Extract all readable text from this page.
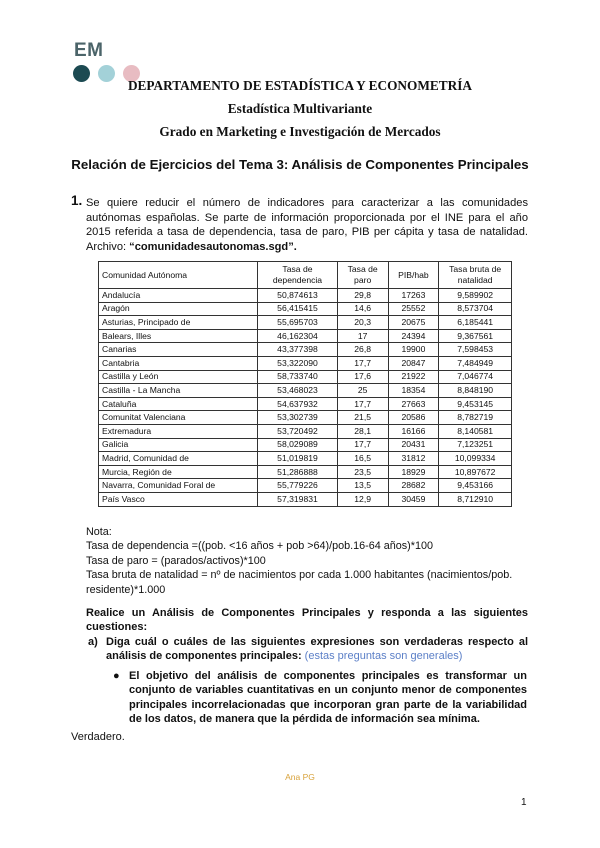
EM
DEPARTAMENTO DE ESTADÍSTICA Y ECONOMETRÍA
Estadística Multivariante
Grado en Marketing e Investigación de Mercados
Relación de Ejercicios del Tema 3: Análisis de Componentes Principales
1. Se quiere reducir el número de indicadores para caracterizar a las comunidades autónomas españolas. Se parte de información proporcionada por el INE para el año 2015 referida a tasa de dependencia, tasa de paro, PIB per cápita y tasa de natalidad. Archivo: “comunidadesautonomas.sgd”.
Comunidad Autónoma	Tasa de dependencia	Tasa de paro	PIB/hab	Tasa bruta de natalidad
Andalucía	50,874613	29,8	17263	9,589902
Aragón	56,415415	14,6	25552	8,573704
Asturias, Principado de	55,695703	20,3	20675	6,185441
Balears, Illes	46,162304	17	24394	9,367561
Canarias	43,377398	26,8	19900	7,598453
Cantabria	53,322090	17,7	20847	7,484949
Castilla y León	58,733740	17,6	21922	7,046774
Castilla - La Mancha	53,468023	25	18354	8,848190
Cataluña	54,637932	17,7	27663	9,453145
Comunitat Valenciana	53,302739	21,5	20586	8,782719
Extremadura	53,720492	28,1	16166	8,140581
Galicia	58,029089	17,7	20431	7,123251
Madrid, Comunidad de	51,019819	16,5	31812	10,099334
Murcia, Región de	51,286888	23,5	18929	10,897672
Navarra, Comunidad Foral de	55,779226	13,5	28682	9,453166
País Vasco	57,319831	12,9	30459	8,712910
Nota:
Tasa de dependencia =((pob. <16 años + pob >64)/pob.16-64 años)*100
Tasa de paro = (parados/activos)*100
Tasa bruta de natalidad = nº de nacimientos por cada 1.000 habitantes (nacimientos/pob. residente)*1.000
Realice un Análisis de Componentes Principales y responda a las siguientes cuestiones:
a) Diga cuál o cuáles de las siguientes expresiones son verdaderas respecto al análisis de componentes principales: (estas preguntas son generales)
● El objetivo del análisis de componentes principales es transformar un conjunto de variables cuantitativas en un conjunto menor de componentes principales incorrelacionadas que incorporan gran parte de la variabilidad de los datos, de manera que la pérdida de información sea mínima.
Verdadero.
Ana PG
1
